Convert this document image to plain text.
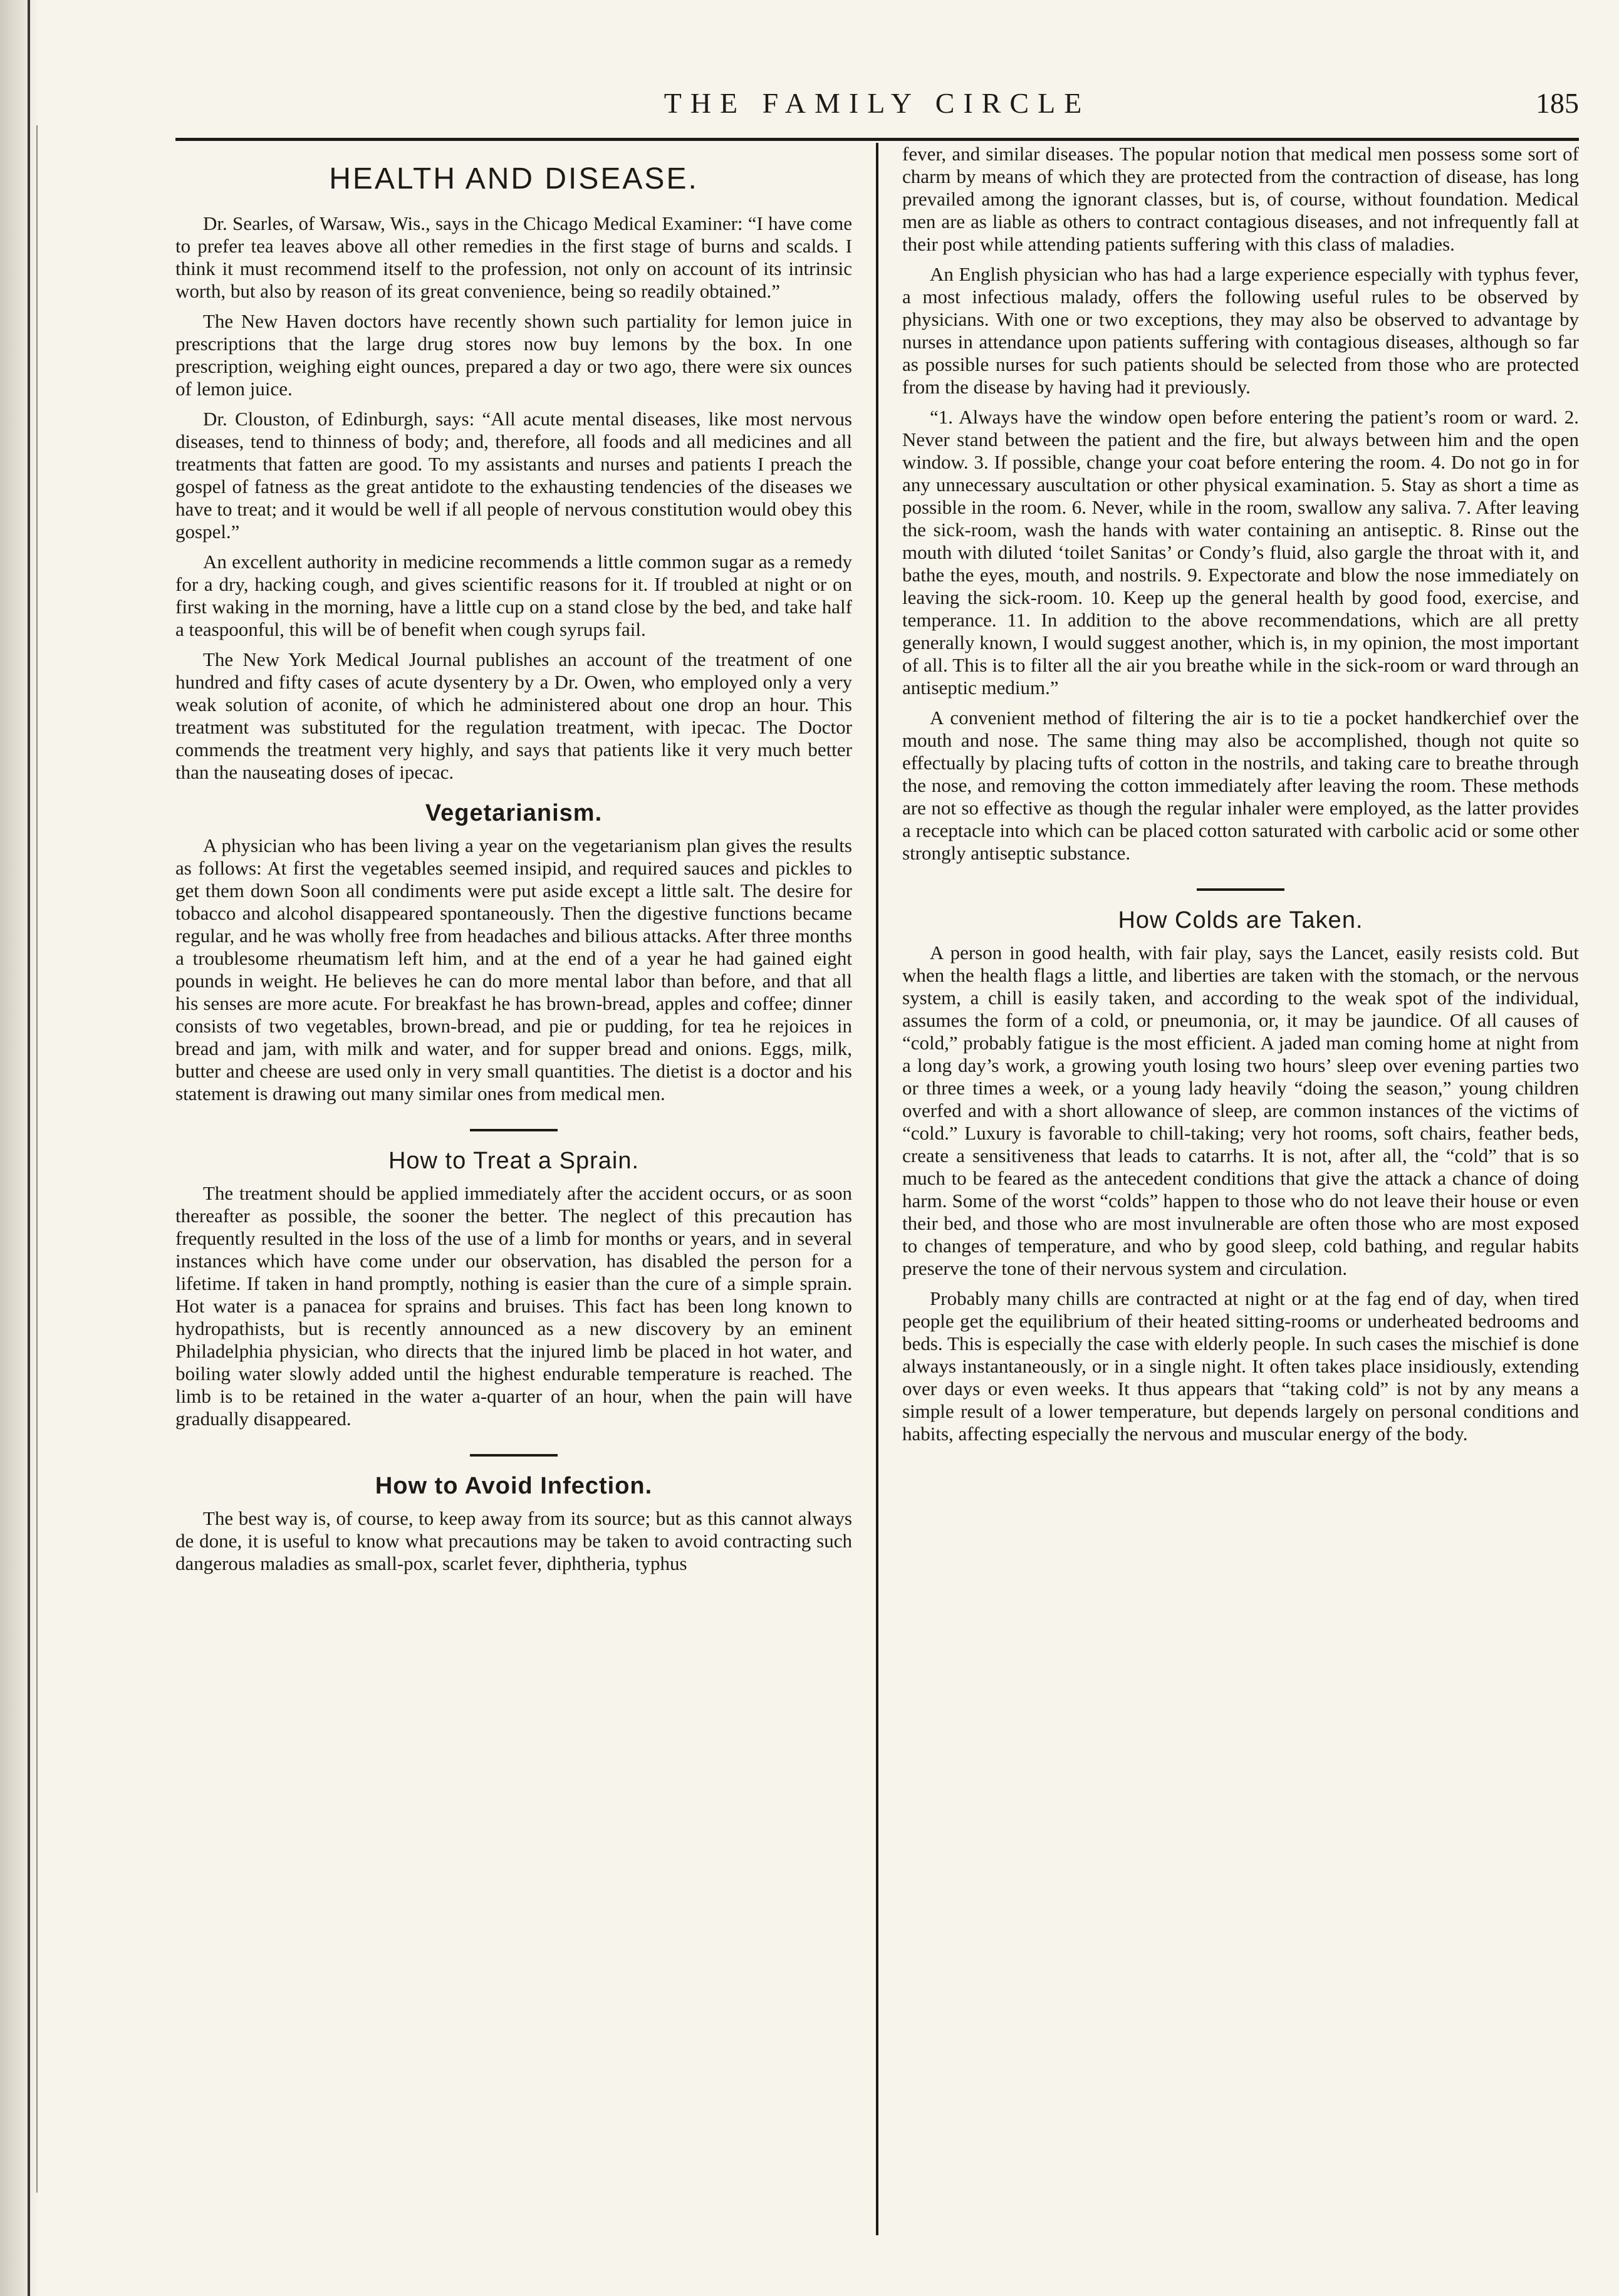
THE FAMILY CIRCLE	185
HEALTH AND DISEASE.

Dr. Searles, of Warsaw, Wis., says in the Chicago Medical Examiner: “I have come to prefer tea leaves above all other remedies in the first stage of burns and scalds. I think it must recommend itself to the profession, not only on account of its intrinsic worth, but also by reason of its great convenience, being so readily obtained.”

The New Haven doctors have recently shown such partiality for lemon juice in prescriptions that the large drug stores now buy lemons by the box. In one prescription, weighing eight ounces, prepared a day or two ago, there were six ounces of lemon juice.

Dr. Clouston, of Edinburgh, says: “All acute mental diseases, like most nervous diseases, tend to thinness of body; and, therefore, all foods and all medicines and all treatments that fatten are good. To my assistants and nurses and patients I preach the gospel of fatness as the great antidote to the exhausting tendencies of the diseases we have to treat; and it would be well if all people of nervous constitution would obey this gospel.”

An excellent authority in medicine recommends a little common sugar as a remedy for a dry, hacking cough, and gives scientific reasons for it. If troubled at night or on first waking in the morning, have a little cup on a stand close by the bed, and take half a teaspoonful, this will be of benefit when cough syrups fail.

The New York Medical Journal publishes an account of the treatment of one hundred and fifty cases of acute dysentery by a Dr. Owen, who employed only a very weak solution of aconite, of which he administered about one drop an hour. This treatment was substituted for the regulation treatment, with ipecac. The Doctor commends the treatment very highly, and says that patients like it very much better than the nauseating doses of ipecac.

Vegetarianism.

A physician who has been living a year on the vegetarianism plan gives the results as follows: At first the vegetables seemed insipid, and required sauces and pickles to get them down Soon all condiments were put aside except a little salt. The desire for tobacco and alcohol disappeared spontaneously. Then the digestive functions became regular, and he was wholly free from headaches and bilious attacks. After three months a troublesome rheumatism left him, and at the end of a year he had gained eight pounds in weight. He believes he can do more mental labor than before, and that all his senses are more acute. For breakfast he has brown-bread, apples and coffee; dinner consists of two vegetables, brown-bread, and pie or pudding, for tea he rejoices in bread and jam, with milk and water, and for supper bread and onions. Eggs, milk, butter and cheese are used only in very small quantities. The dietist is a doctor and his statement is drawing out many similar ones from medical men.

How to Treat a Sprain.

The treatment should be applied immediately after the accident occurs, or as soon thereafter as possible, the sooner the better. The neglect of this precaution has frequently resulted in the loss of the use of a limb for months or years, and in several instances which have come under our observation, has disabled the person for a lifetime. If taken in hand promptly, nothing is easier than the cure of a simple sprain. Hot water is a panacea for sprains and bruises. This fact has been long known to hydropathists, but is recently announced as a new discovery by an eminent Philadelphia physician, who directs that the injured limb be placed in hot water, and boiling water slowly added until the highest endurable temperature is reached. The limb is to be retained in the water a-quarter of an hour, when the pain will have gradually disappeared.

How to Avoid Infection.

The best way is, of course, to keep away from its source; but as this cannot always de done, it is useful to know what precautions may be taken to avoid contracting such dangerous maladies as small-pox, scarlet fever, diphtheria, typhus

fever, and similar diseases. The popular notion that medical men possess some sort of charm by means of which they are protected from the contraction of disease, has long prevailed among the ignorant classes, but is, of course, without foundation. Medical men are as liable as others to contract contagious diseases, and not infrequently fall at their post while attending patients suffering with this class of maladies.

An English physician who has had a large experience especially with typhus fever, a most infectious malady, offers the following useful rules to be observed by physicians. With one or two exceptions, they may also be observed to advantage by nurses in attendance upon patients suffering with contagious diseases, although so far as possible nurses for such patients should be selected from those who are protected from the disease by having had it previously.

“1. Always have the window open before entering the patient’s room or ward. 2. Never stand between the patient and the fire, but always between him and the open window. 3. If possible, change your coat before entering the room. 4. Do not go in for any unnecessary auscultation or other physical examination. 5. Stay as short a time as possible in the room. 6. Never, while in the room, swallow any saliva. 7. After leaving the sick-room, wash the hands with water containing an antiseptic. 8. Rinse out the mouth with diluted ‘toilet Sanitas’ or Condy’s fluid, also gargle the throat with it, and bathe the eyes, mouth, and nostrils. 9. Expectorate and blow the nose immediately on leaving the sick-room. 10. Keep up the general health by good food, exercise, and temperance. 11. In addition to the above recommendations, which are all pretty generally known, I would suggest another, which is, in my opinion, the most important of all. This is to filter all the air you breathe while in the sick-room or ward through an antiseptic medium.”

A convenient method of filtering the air is to tie a pocket handkerchief over the mouth and nose. The same thing may also be accomplished, though not quite so effectually by placing tufts of cotton in the nostrils, and taking care to breathe through the nose, and removing the cotton immediately after leaving the room. These methods are not so effective as though the regular inhaler were employed, as the latter provides a receptacle into which can be placed cotton saturated with carbolic acid or some other strongly antiseptic substance.

How Colds are Taken.

A person in good health, with fair play, says the Lancet, easily resists cold. But when the health flags a little, and liberties are taken with the stomach, or the nervous system, a chill is easily taken, and according to the weak spot of the individual, assumes the form of a cold, or pneumonia, or, it may be jaundice. Of all causes of “cold,” probably fatigue is the most efficient. A jaded man coming home at night from a long day’s work, a growing youth losing two hours’ sleep over evening parties two or three times a week, or a young lady heavily “doing the season,” young children overfed and with a short allowance of sleep, are common instances of the victims of “cold.” Luxury is favorable to chill-taking; very hot rooms, soft chairs, feather beds, create a sensitiveness that leads to catarrhs. It is not, after all, the “cold” that is so much to be feared as the antecedent conditions that give the attack a chance of doing harm. Some of the worst “colds” happen to those who do not leave their house or even their bed, and those who are most invulnerable are often those who are most exposed to changes of temperature, and who by good sleep, cold bathing, and regular habits preserve the tone of their nervous system and circulation.

Probably many chills are contracted at night or at the fag end of day, when tired people get the equilibrium of their heated sitting-rooms or underheated bedrooms and beds. This is especially the case with elderly people. In such cases the mischief is done always instantaneously, or in a single night. It often takes place insidiously, extending over days or even weeks. It thus appears that “taking cold” is not by any means a simple result of a lower temperature, but depends largely on personal conditions and habits, affecting especially the nervous and muscular energy of the body.
